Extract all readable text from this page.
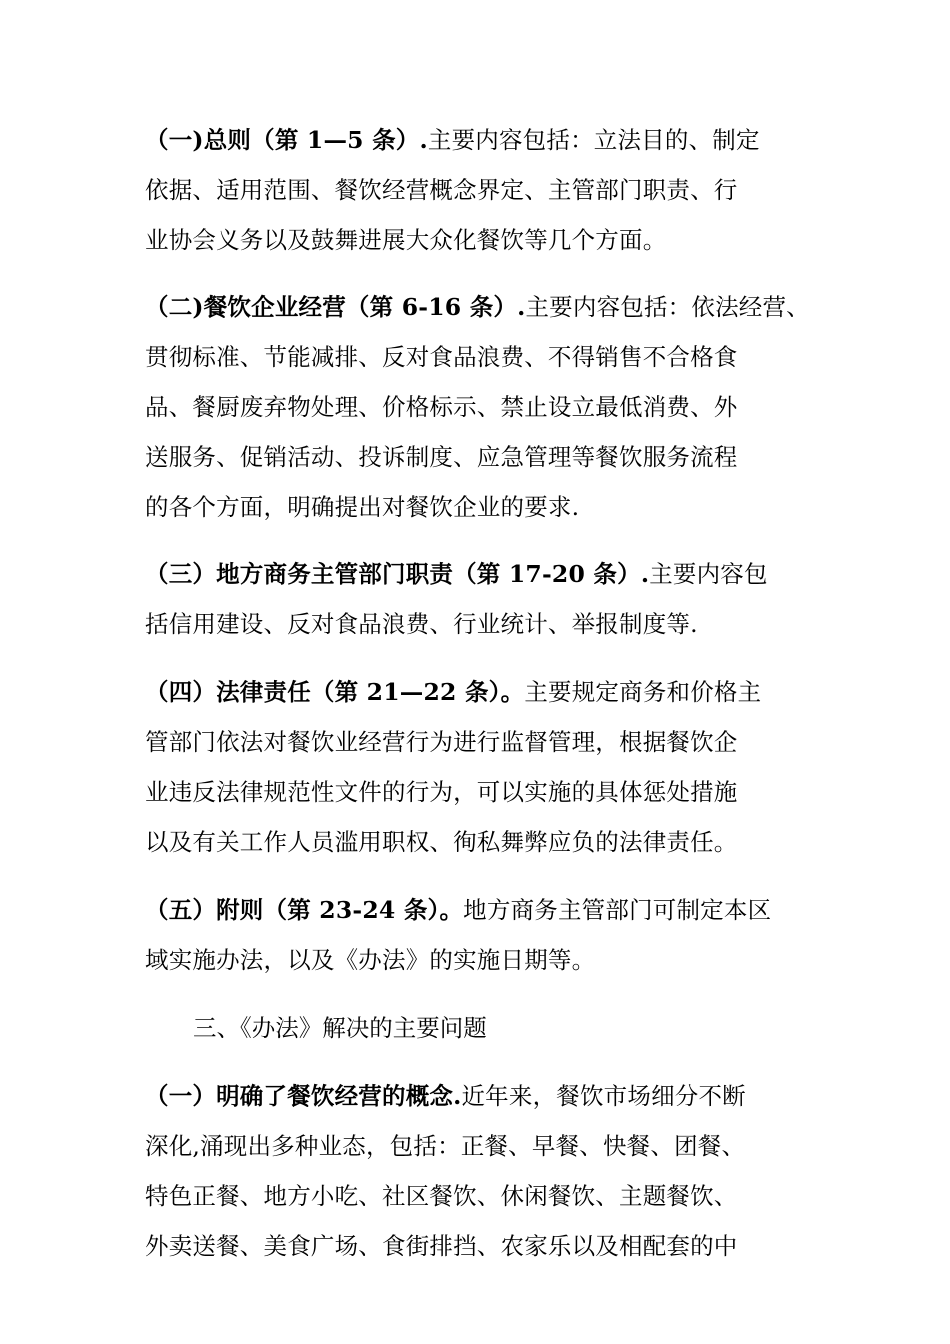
（一)总则（第 1—5 条）.主要内容包括：立法目的、制定
依据、适用范围、餐饮经营概念界定、主管部门职责、行
业协会义务以及鼓舞进展大众化餐饮等几个方面。
（二)餐饮企业经营（第 6-16 条）.主要内容包括：依法经营、
贯彻标准、节能减排、反对食品浪费、不得销售不合格食
品、餐厨废弃物处理、价格标示、禁止设立最低消费、外
送服务、促销活动、投诉制度、应急管理等餐饮服务流程
的各个方面，明确提出对餐饮企业的要求.
（三）地方商务主管部门职责（第 17-20 条）.主要内容包
括信用建设、反对食品浪费、行业统计、举报制度等.
（四）法律责任（第 21—22 条）。主要规定商务和价格主
管部门依法对餐饮业经营行为进行监督管理，根据餐饮企
业违反法律规范性文件的行为，可以实施的具体惩处措施
以及有关工作人员滥用职权、徇私舞弊应负的法律责任。
（五）附则（第 23-24 条）。地方商务主管部门可制定本区
域实施办法，以及《办法》的实施日期等。
三、《办法》解决的主要问题
（一）明确了餐饮经营的概念.近年来，餐饮市场细分不断
深化,涌现出多种业态，包括：正餐、早餐、快餐、团餐、
特色正餐、地方小吃、社区餐饮、休闲餐饮、主题餐饮、
外卖送餐、美食广场、食街排挡、农家乐以及相配套的中
